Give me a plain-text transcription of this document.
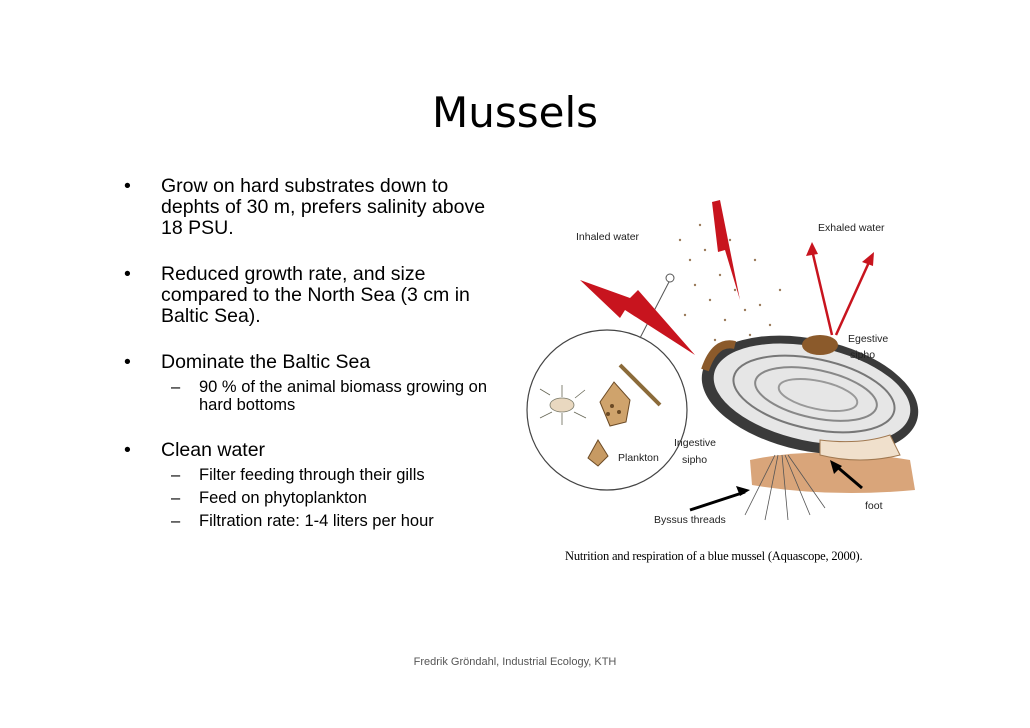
Mussels
• Grow on hard substrates down to dephts of 30 m, prefers salinity above 18 PSU.
• Reduced growth rate, and size compared to the North Sea (3 cm in Baltic Sea).
• Dominate the Baltic Sea
– 90 % of the animal biomass growing on hard bottoms
• Clean water
– Filter feeding through their gills
– Feed on phytoplankton
– Filtration rate: 1-4 liters per hour
Inhaled water
Exhaled water
Egestive
sipho
Ingestive
sipho
Plankton
Byssus threads
foot
Nutrition and respiration of a blue mussel (Aquascope, 2000).
Fredrik Gröndahl, Industrial Ecology, KTH
